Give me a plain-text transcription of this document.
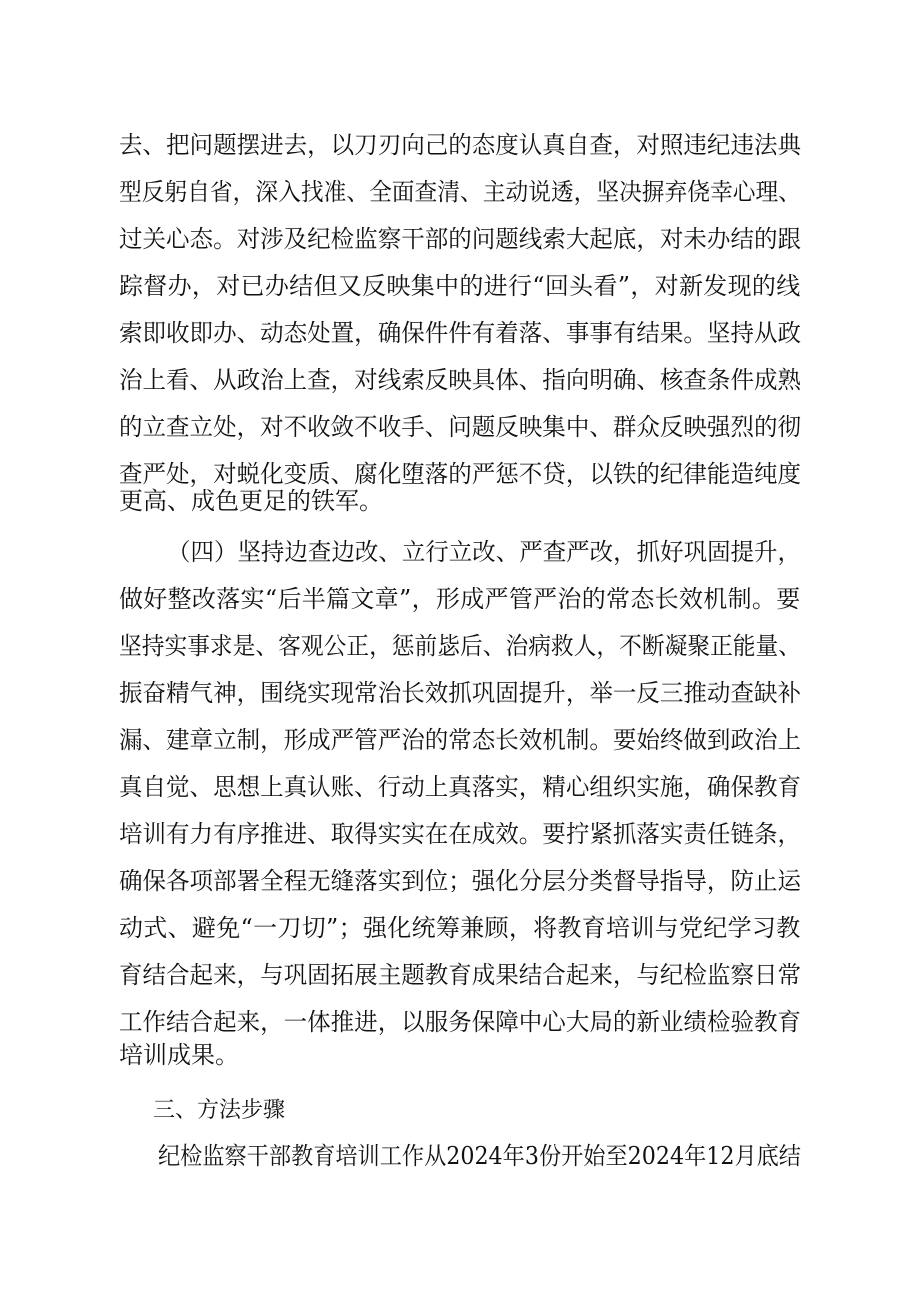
去、把问题摆进去，以刀刃向己的态度认真自查，对照违纪违法典
型反躬自省，深入找准、全面查清、主动说透，坚决摒弃侥幸心理、
过关心态。对涉及纪检监察干部的问题线索大起底，对未办结的跟
踪督办，对已办结但又反映集中的进行“回头看”，对新发现的线
索即收即办、动态处置，确保件件有着落、事事有结果。坚持从政
治上看、从政治上查，对线索反映具体、指向明确、核查条件成熟
的立查立处，对不收敛不收手、问题反映集中、群众反映强烈的彻
查严处，对蜕化变质、腐化堕落的严惩不贷，以铁的纪律能造纯度
更高、成色更足的铁军。
（四）坚持边查边改、立行立改、严查严改，抓好巩固提升，
做好整改落实“后半篇文章”，形成严管严治的常态长效机制。要
坚持实事求是、客观公正，惩前毖后、治病救人，不断凝聚正能量、
振奋精气神，围绕实现常治长效抓巩固提升，举一反三推动查缺补
漏、建章立制，形成严管严治的常态长效机制。要始终做到政治上
真自觉、思想上真认账、行动上真落实，精心组织实施，确保教育
培训有力有序推进、取得实实在在成效。要拧紧抓落实责任链条，
确保各项部署全程无缝落实到位；强化分层分类督导指导，防止运
动式、避免“一刀切”；强化统筹兼顾，将教育培训与党纪学习教
育结合起来，与巩固拓展主题教育成果结合起来，与纪检监察日常
工作结合起来，一体推进，以服务保障中心大局的新业绩检验教育
培训成果。
三、方法步骤
纪检监察干部教育培训工作从2024年3份开始至2024年12月底结
